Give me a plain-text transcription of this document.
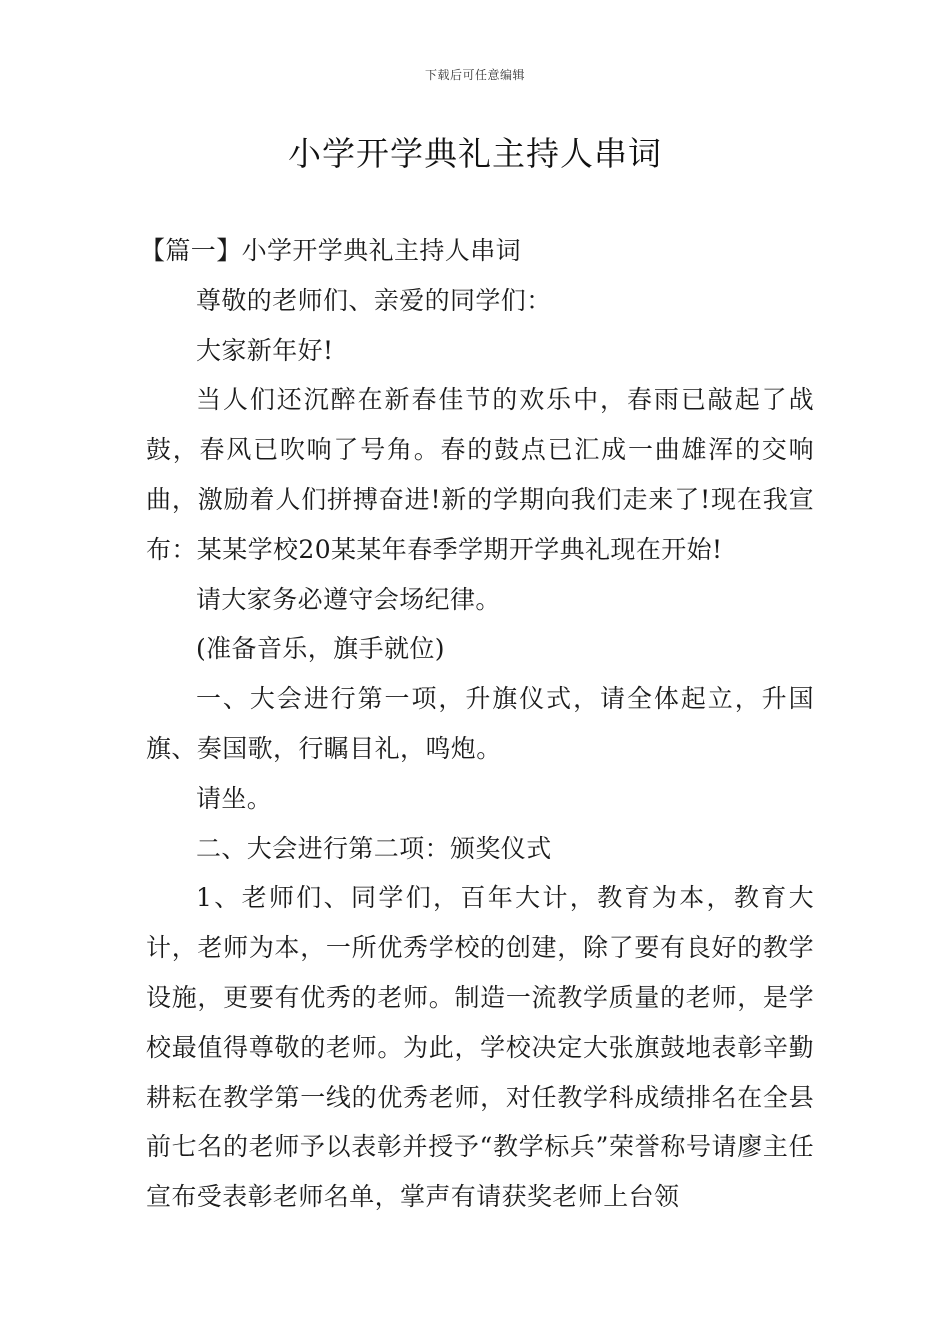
下载后可任意编辑
小学开学典礼主持人串词

【篇一】小学开学典礼主持人串词

尊敬的老师们、亲爱的同学们：

大家新年好!

当人们还沉醉在新春佳节的欢乐中，春雨已敲起了战鼓，春风已吹响了号角。春的鼓点已汇成一曲雄浑的交响曲，激励着人们拼搏奋进!新的学期向我们走来了!现在我宣布：某某学校20某某年春季学期开学典礼现在开始!

请大家务必遵守会场纪律。

(准备音乐，旗手就位)

一、大会进行第一项，升旗仪式，请全体起立，升国旗、奏国歌，行瞩目礼，鸣炮。

请坐。

二、大会进行第二项：颁奖仪式

1、老师们、同学们，百年大计，教育为本，教育大计，老师为本，一所优秀学校的创建，除了要有良好的教学设施，更要有优秀的老师。制造一流教学质量的老师，是学校最值得尊敬的老师。为此，学校决定大张旗鼓地表彰辛勤耕耘在教学第一线的优秀老师，对任教学科成绩排名在全县前七名的老师予以表彰并授予“教学标兵”荣誉称号请廖主任宣布受表彰老师名单，掌声有请获奖老师上台领
